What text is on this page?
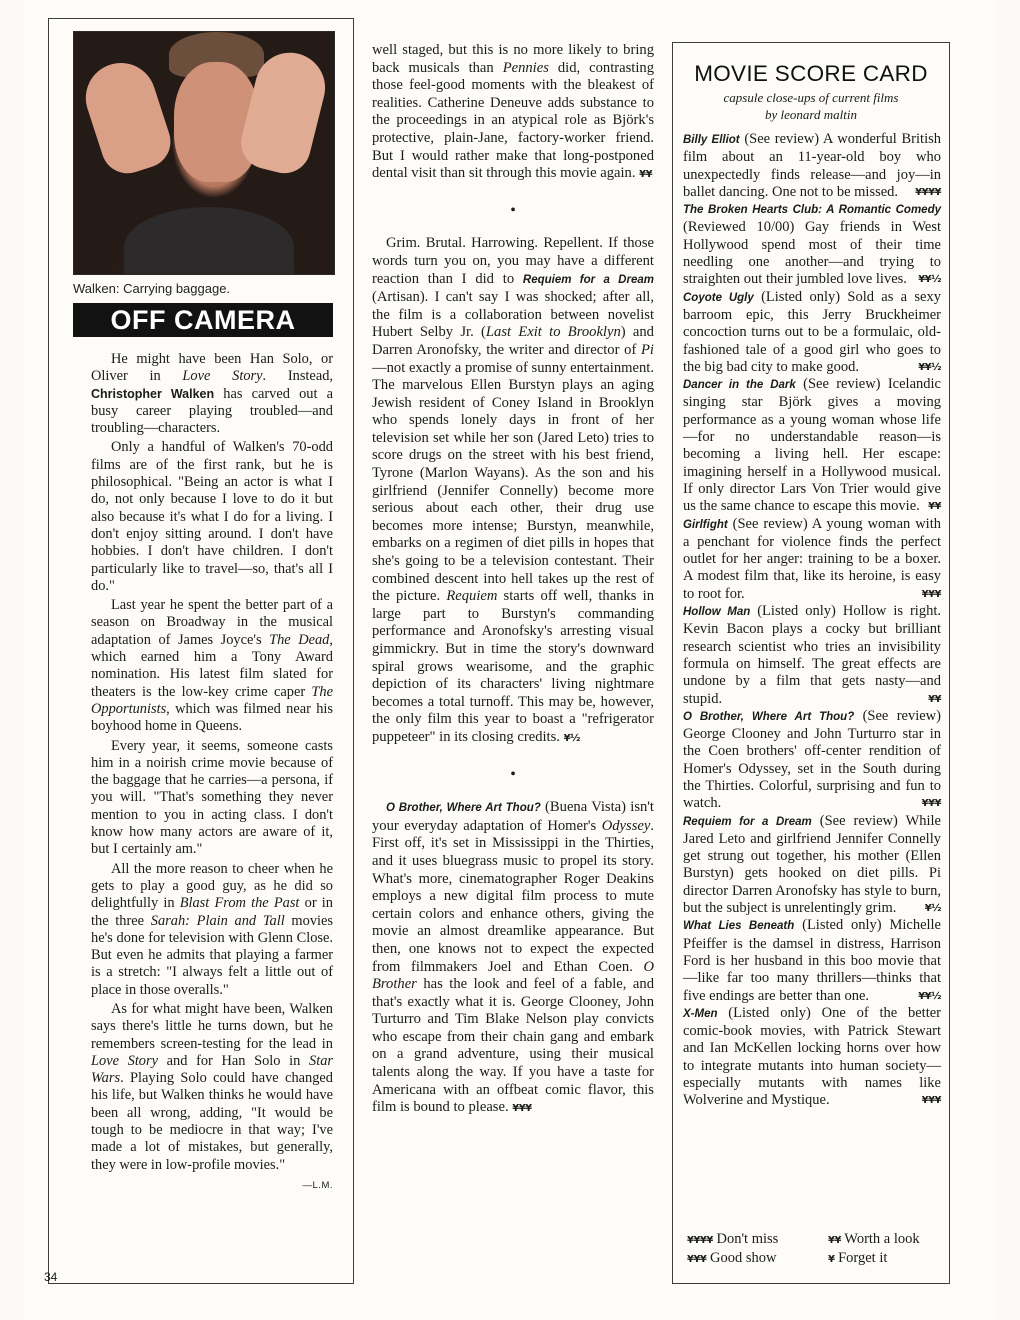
Walken: Carrying baggage.
OFF CAMERA

He might have been Han Solo, or Oliver in Love Story. Instead, Christopher Walken has carved out a busy career playing troubled—and troubling—characters.

Only a handful of Walken's 70-odd films are of the first rank, but he is philosophical. "Being an actor is what I do, not only because I love to do it but also because it's what I do for a living. I don't enjoy sitting around. I don't have hobbies. I don't have children. I don't particularly like to travel—so, that's all I do."

Last year he spent the better part of a season on Broadway in the musical adaptation of James Joyce's The Dead, which earned him a Tony Award nomination. His latest film slated for theaters is the low-key crime caper The Opportunists, which was filmed near his boyhood home in Queens.

Every year, it seems, someone casts him in a noirish crime movie because of the baggage that he carries—a persona, if you will. "That's something they never mention to you in acting class. I don't know how many actors are aware of it, but I certainly am."

All the more reason to cheer when he gets to play a good guy, as he did so delightfully in Blast From the Past or in the three Sarah: Plain and Tall movies he's done for television with Glenn Close. But even he admits that playing a farmer is a stretch: "I always felt a little out of place in those overalls."

As for what might have been, Walken says there's little he turns down, but he remembers screen-testing for the lead in Love Story and for Han Solo in Star Wars. Playing Solo could have changed his life, but Walken thinks he would have been all wrong, adding, "It would be tough to be mediocre in that way; I've made a lot of mistakes, but generally, they were in low-profile movies."
—L.M.

well staged, but this is no more likely to bring back musicals than Pennies did, contrasting those feel-good moments with the bleakest of realities. Catherine Deneuve adds substance to the proceedings in an atypical role as Björk's protective, plain-Jane, factory-worker friend. But I would rather make that long-postponed dental visit than sit through this movie again. ¥¥

•

Grim. Brutal. Harrowing. Repellent. If those words turn you on, you may have a different reaction than I did to Requiem for a Dream (Artisan). I can't say I was shocked; after all, the film is a collaboration between novelist Hubert Selby Jr. (Last Exit to Brooklyn) and Darren Aronofsky, the writer and director of Pi—not exactly a promise of sunny entertainment. The marvelous Ellen Burstyn plays an aging Jewish resident of Coney Island in Brooklyn who spends lonely days in front of her television set while her son (Jared Leto) tries to score drugs on the street with his best friend, Tyrone (Marlon Wayans). As the son and his girlfriend (Jennifer Connelly) become more serious about each other, their drug use becomes more intense; Burstyn, meanwhile, embarks on a regimen of diet pills in hopes that she's going to be a television contestant. Their combined descent into hell takes up the rest of the picture. Requiem starts off well, thanks in large part to Burstyn's commanding performance and Aronofsky's arresting visual gimmickry. But in time the story's downward spiral grows wearisome, and the graphic depiction of its characters' living nightmare becomes a total turnoff. This may be, however, the only film this year to boast a "refrigerator puppeteer" in its closing credits. ¥½

•

O Brother, Where Art Thou? (Buena Vista) isn't your everyday adaptation of Homer's Odyssey. First off, it's set in Mississippi in the Thirties, and it uses bluegrass music to propel its story. What's more, cinematographer Roger Deakins employs a new digital film process to mute certain colors and enhance others, giving the movie an almost dreamlike appearance. But then, one knows not to expect the expected from filmmakers Joel and Ethan Coen. O Brother has the look and feel of a fable, and that's exactly what it is. George Clooney, John Turturro and Tim Blake Nelson play convicts who escape from their chain gang and embark on a grand adventure, using their musical talents along the way. If you have a taste for Americana with an offbeat comic flavor, this film is bound to please. ¥¥¥

MOVIE SCORE CARD
capsule close-ups of current films
by leonard maltin
Billy Elliot (See review) A wonderful British film about an 11-year-old boy who unexpectedly finds release—and joy—in ballet dancing. One not to be missed. ¥¥¥¥
The Broken Hearts Club: A Romantic Comedy (Reviewed 10/00) Gay friends in West Hollywood spend most of their time needling one another—and trying to straighten out their jumbled love lives. ¥¥½
Coyote Ugly (Listed only) Sold as a sexy barroom epic, this Jerry Bruckheimer concoction turns out to be a formulaic, old-fashioned tale of a good girl who goes to the big bad city to make good.	¥¥½
Dancer in the Dark (See review) Icelandic singing star Björk gives a moving performance as a young woman whose life—for no understandable reason—is becoming a living hell. Her escape: imagining herself in a Hollywood musical. If only director Lars Von Trier would give us the same chance to escape this movie. ¥¥
Girlfight (See review) A young woman with a penchant for violence finds the perfect outlet for her anger: training to be a boxer. A modest film that, like its heroine, is easy to root for.	¥¥¥
Hollow Man (Listed only) Hollow is right. Kevin Bacon plays a cocky but brilliant research scientist who tries an invisibility formula on himself. The great effects are undone by a film that gets nasty—and stupid.	¥¥
O Brother, Where Art Thou? (See review) George Clooney and John Turturro star in the Coen brothers' off-center rendition of Homer's Odyssey, set in the South during the Thirties. Colorful, surprising and fun to watch.	¥¥¥
Requiem for a Dream (See review) While Jared Leto and girlfriend Jennifer Connelly get strung out together, his mother (Ellen Burstyn) gets hooked on diet pills. Pi director Darren Aronofsky has style to burn, but the subject is unrelentingly grim.	¥½
What Lies Beneath (Listed only) Michelle Pfeiffer is the damsel in distress, Harrison Ford is her husband in this boo movie that—like far too many thrillers—thinks that five endings are better than one.	¥¥½
X-Men (Listed only) One of the better comic-book movies, with Patrick Stewart and Ian McKellen locking horns over how to integrate mutants into human society—especially mutants with names like Wolverine and Mystique.	¥¥¥
¥¥¥¥ Don't miss	¥¥ Worth a look
¥¥¥ Good show	¥ Forget it
34
